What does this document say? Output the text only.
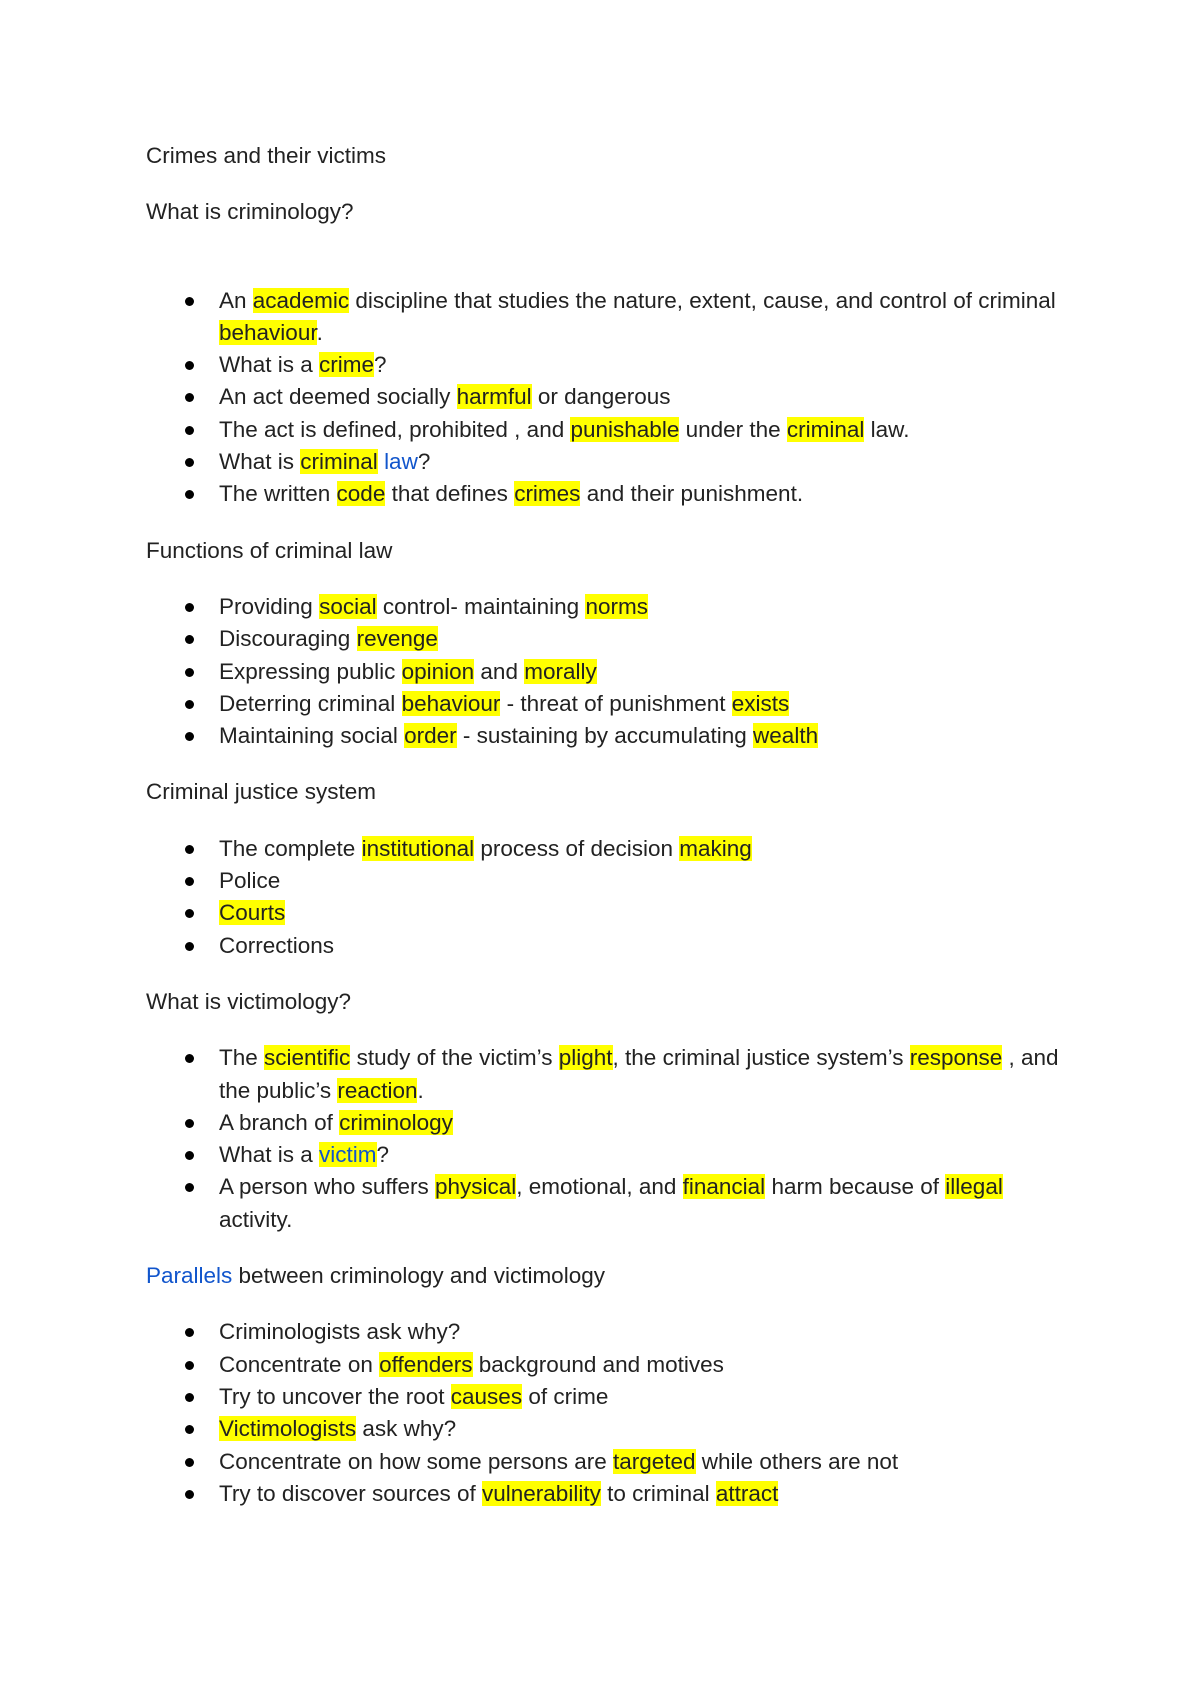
Crimes and their victims

What is criminology?

An academic discipline that studies the nature, extent, cause, and control of criminal behaviour.
What is a crime?
An act deemed socially harmful or dangerous
The act is defined, prohibited , and punishable under the criminal law.
What is criminal law?
The written code that defines crimes and their punishment.

Functions of criminal law

Providing social control- maintaining norms
Discouraging revenge
Expressing public opinion and morally
Deterring criminal behaviour - threat of punishment exists
Maintaining social order - sustaining by accumulating wealth

Criminal justice system

The complete institutional process of decision making
Police
Courts
Corrections

What is victimology?

The scientific study of the victim’s plight, the criminal justice system’s response , and the public’s reaction.
A branch of criminology
What is a victim?
A person who suffers physical, emotional, and financial harm because of illegal activity.

Parallels between criminology and victimology

Criminologists ask why?
Concentrate on offenders background and motives
Try to uncover the root causes of crime
Victimologists ask why?
Concentrate on how some persons are targeted while others are not
Try to discover sources of vulnerability to criminal attract
